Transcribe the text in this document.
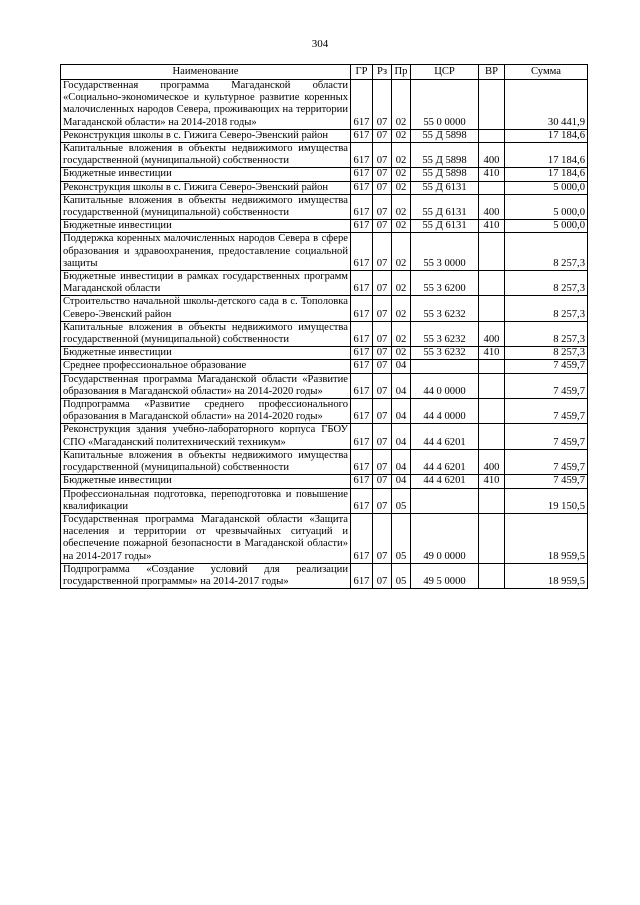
304
Наименование	ГР	Рз	Пр	ЦСР	ВР	Сумма
Государственная программа Магаданской области «Социально-экономическое и культурное развитие коренных малочисленных народов Севера, проживающих на территории Магаданской области» на 2014-2018 годы»	617	07	02	55 0 0000		30 441,9
Реконструкция школы в с. Гижига Северо-Эвенский район	617	07	02	55 Д 5898		17 184,6
Капитальные вложения в объекты недвижимого имущества государственной (муниципальной) собственности	617	07	02	55 Д 5898	400	17 184,6
Бюджетные инвестиции	617	07	02	55 Д 5898	410	17 184,6
Реконструкция школы в с. Гижига Северо-Эвенский район	617	07	02	55 Д 6131		5 000,0
Капитальные вложения в объекты недвижимого имущества государственной (муниципальной) собственности	617	07	02	55 Д 6131	400	5 000,0
Бюджетные инвестиции	617	07	02	55 Д 6131	410	5 000,0
Поддержка коренных малочисленных народов Севера в сфере образования и здравоохранения, предоставление социальной защиты	617	07	02	55 3 0000		8 257,3
Бюджетные инвестиции в рамках государственных программ Магаданской области	617	07	02	55 3 6200		8 257,3
Строительство начальной школы-детского сада в с. Тополовка Северо-Эвенский район	617	07	02	55 3 6232		8 257,3
Капитальные вложения в объекты недвижимого имущества государственной (муниципальной) собственности	617	07	02	55 3 6232	400	8 257,3
Бюджетные инвестиции	617	07	02	55 3 6232	410	8 257,3
Среднее профессиональное образование	617	07	04			7 459,7
Государственная программа Магаданской области «Развитие образования в Магаданской области» на 2014-2020 годы»	617	07	04	44 0 0000		7 459,7
Подпрограмма «Развитие среднего профессионального образования в Магаданской области» на 2014-2020 годы»	617	07	04	44 4 0000		7 459,7
Реконструкция здания учебно-лабораторного корпуса ГБОУ СПО «Магаданский политехнический техникум»	617	07	04	44 4 6201		7 459,7
Капитальные вложения в объекты недвижимого имущества государственной (муниципальной) собственности	617	07	04	44 4 6201	400	7 459,7
Бюджетные инвестиции	617	07	04	44 4 6201	410	7 459,7
Профессиональная подготовка, переподготовка и повышение квалификации	617	07	05			19 150,5
Государственная программа Магаданской области «Защита населения и территории от чрезвычайных ситуаций и обеспечение пожарной безопасности в Магаданской области» на 2014-2017 годы»	617	07	05	49 0 0000		18 959,5
Подпрограмма «Создание условий для реализации государственной программы» на 2014-2017 годы»	617	07	05	49 5 0000		18 959,5
